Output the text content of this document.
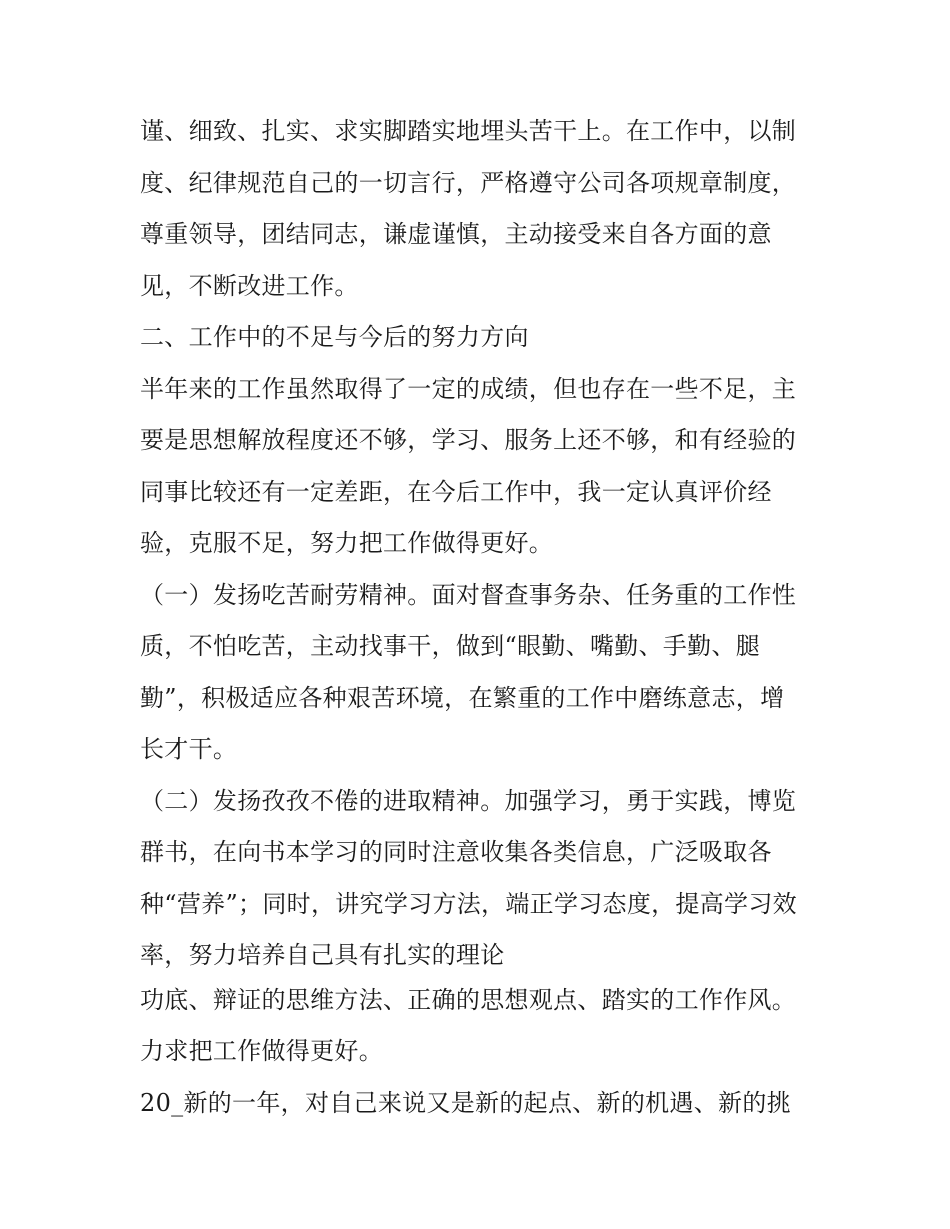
谨、细致、扎实、求实脚踏实地埋头苦干上。在工作中，以制
度、纪律规范自己的一切言行，严格遵守公司各项规章制度，
尊重领导，团结同志，谦虚谨慎，主动接受来自各方面的意
见，不断改进工作。
二、工作中的不足与今后的努力方向
半年来的工作虽然取得了一定的成绩，但也存在一些不足，主
要是思想解放程度还不够，学习、服务上还不够，和有经验的
同事比较还有一定差距，在今后工作中，我一定认真评价经
验，克服不足，努力把工作做得更好。
（一）发扬吃苦耐劳精神。面对督查事务杂、任务重的工作性
质，不怕吃苦，主动找事干，做到“眼勤、嘴勤、手勤、腿
勤”，积极适应各种艰苦环境，在繁重的工作中磨练意志，增
长才干。
（二）发扬孜孜不倦的进取精神。加强学习，勇于实践，博览
群书，在向书本学习的同时注意收集各类信息，广泛吸取各
种“营养”；同时，讲究学习方法，端正学习态度，提高学习效
率，努力培养自己具有扎实的理论
功底、辩证的思维方法、正确的思想观点、踏实的工作作风。
力求把工作做得更好。
20_新的一年，对自己来说又是新的起点、新的机遇、新的挑
